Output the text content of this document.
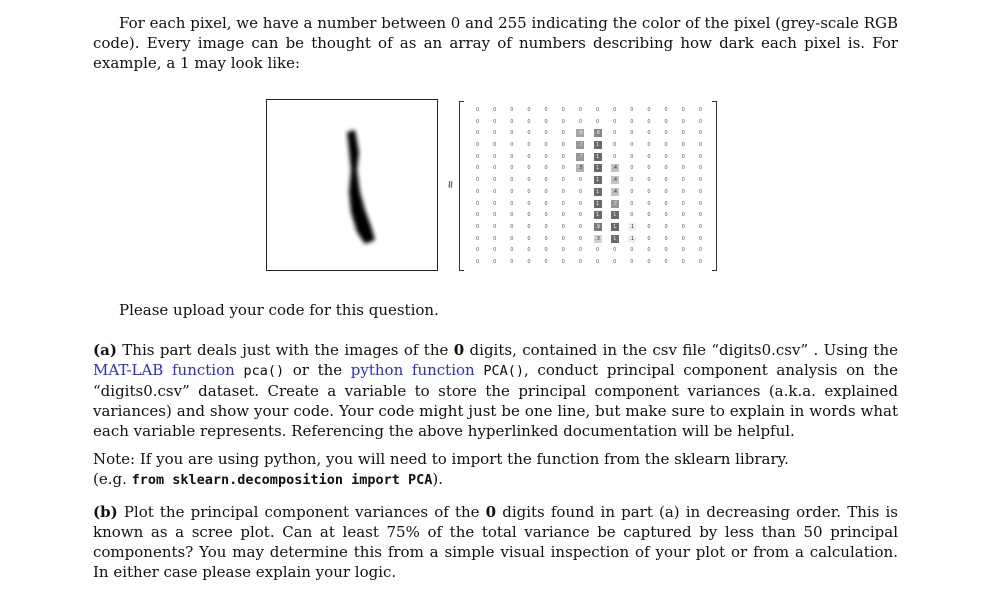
For each pixel, we have a number between 0 and 255 indicating the color of the pixel (grey-scale RGB code). Every image can be thought of as an array of numbers describing how dark each pixel is. For example, a 1 may look like:
≈
0	0	0	0	0	0	0	0	0	0	0	0	0	0
0	0	0	0	0	0	0	0	0	0	0	0	0	0
0	0	0	0	0	0	.6	.8	0	0	0	0	0	0
0	0	0	0	0	0	.7	1	0	0	0	0	0	0
0	0	0	0	0	0	.7	1	0	0	0	0	0	0
0	0	0	0	0	0	.5	1	.4	0	0	0	0	0
0	0	0	0	0	0	0	1	.4	0	0	0	0	0
0	0	0	0	0	0	0	1	.4	0	0	0	0	0
0	0	0	0	0	0	0	1	.7	0	0	0	0	0
0	0	0	0	0	0	0	1	1	0	0	0	0	0
0	0	0	0	0	0	0	.9	1	.1	0	0	0	0
0	0	0	0	0	0	0	.3	1	.1	0	0	0	0
0	0	0	0	0	0	0	0	0	0	0	0	0	0
0	0	0	0	0	0	0	0	0	0	0	0	0	0
Please upload your code for this question.
(a) This part deals just with the images of the 0 digits, contained in the csv file “digits0.csv” . Using the MAT-LAB function pca() or the python function PCA(), conduct principal component analysis on the “digits0.csv” dataset. Create a variable to store the principal component variances (a.k.a. explained variances) and show your code. Your code might just be one line, but make sure to explain in words what each variable represents. Referencing the above hyperlinked documentation will be helpful.
Note: If you are using python, you will need to import the function from the sklearn library.
(e.g. from sklearn.decomposition import PCA).
(b) Plot the principal component variances of the 0 digits found in part (a) in decreasing order. This is known as a scree plot. Can at least 75% of the total variance be captured by less than 50 principal components? You may determine this from a simple visual inspection of your plot or from a calculation. In either case please explain your logic.
